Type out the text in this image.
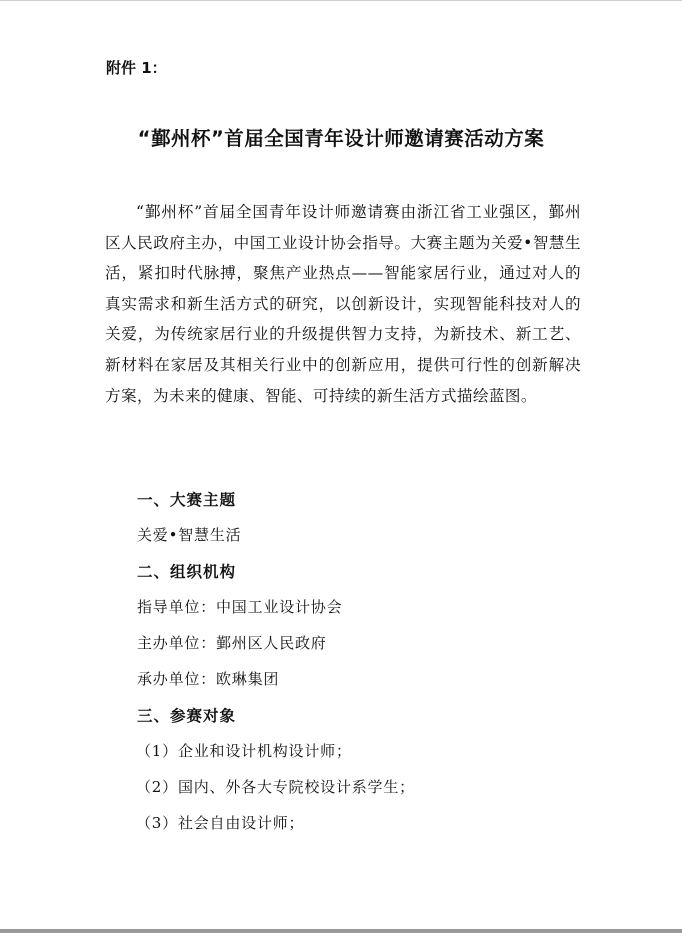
附件 1：
“鄞州杯”首届全国青年设计师邀请赛活动方案

“鄞州杯”首届全国青年设计师邀请赛由浙江省工业强区，鄞州区人民政府主办，中国工业设计协会指导。大赛主题为关爱•智慧生活，紧扣时代脉搏，聚焦产业热点——智能家居行业，通过对人的真实需求和新生活方式的研究，以创新设计，实现智能科技对人的关爱，为传统家居行业的升级提供智力支持，为新技术、新工艺、新材料在家居及其相关行业中的创新应用，提供可行性的创新解决方案，为未来的健康、智能、可持续的新生活方式描绘蓝图。

一、大赛主题
关爱•智慧生活
二、组织机构
指导单位：中国工业设计协会
主办单位：鄞州区人民政府
承办单位：欧琳集团
三、参赛对象
（1）企业和设计机构设计师；
（2）国内、外各大专院校设计系学生；
（3）社会自由设计师；
